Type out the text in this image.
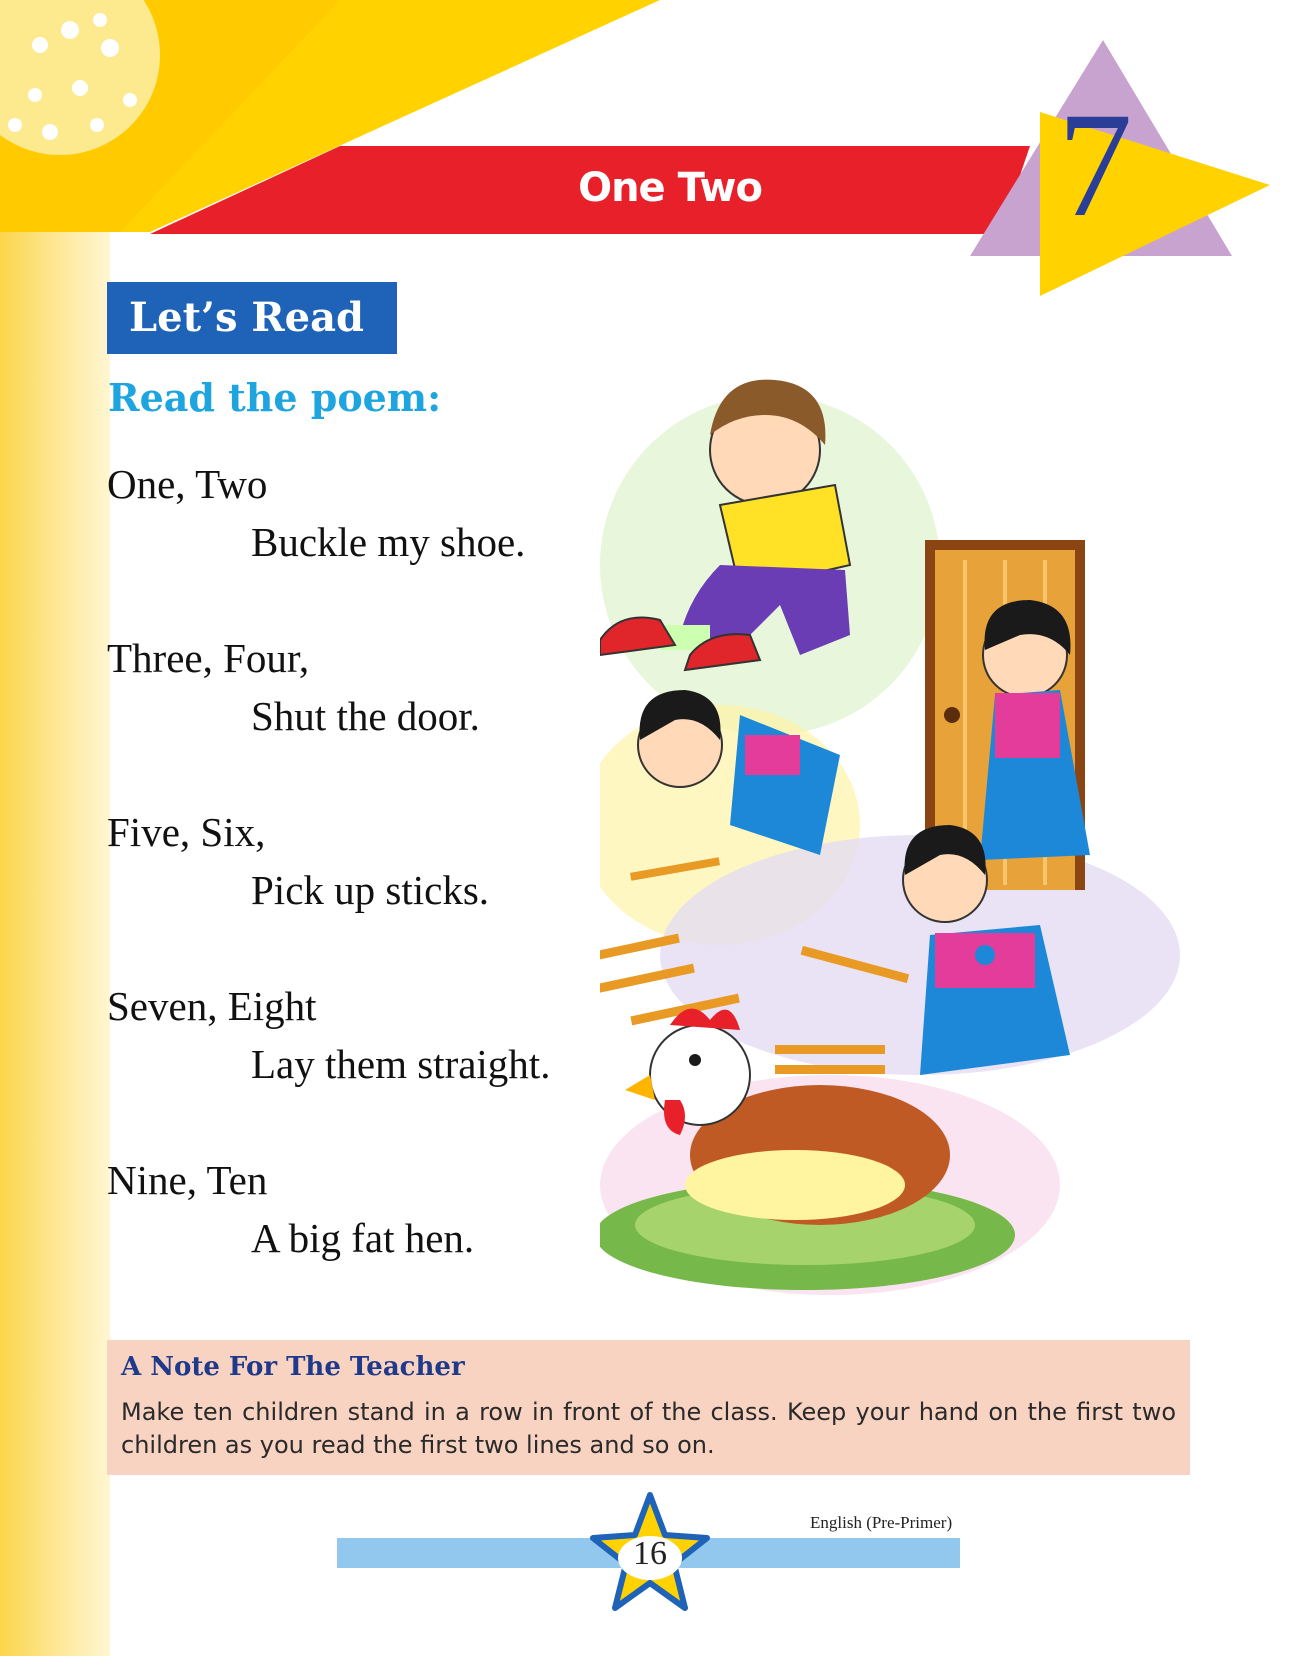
One Two	7
Let’s Read
Read the poem:
One, Two
Buckle my shoe.
Three, Four,
Shut the door.
Five, Six,
Pick up sticks.
Seven, Eight
Lay them straight.
Nine, Ten
A big fat hen.
A Note For The Teacher
Make ten children stand in a row in front of the class. Keep your hand on the first two children as you read the first two lines and so on.
English (Pre-Primer)
16
